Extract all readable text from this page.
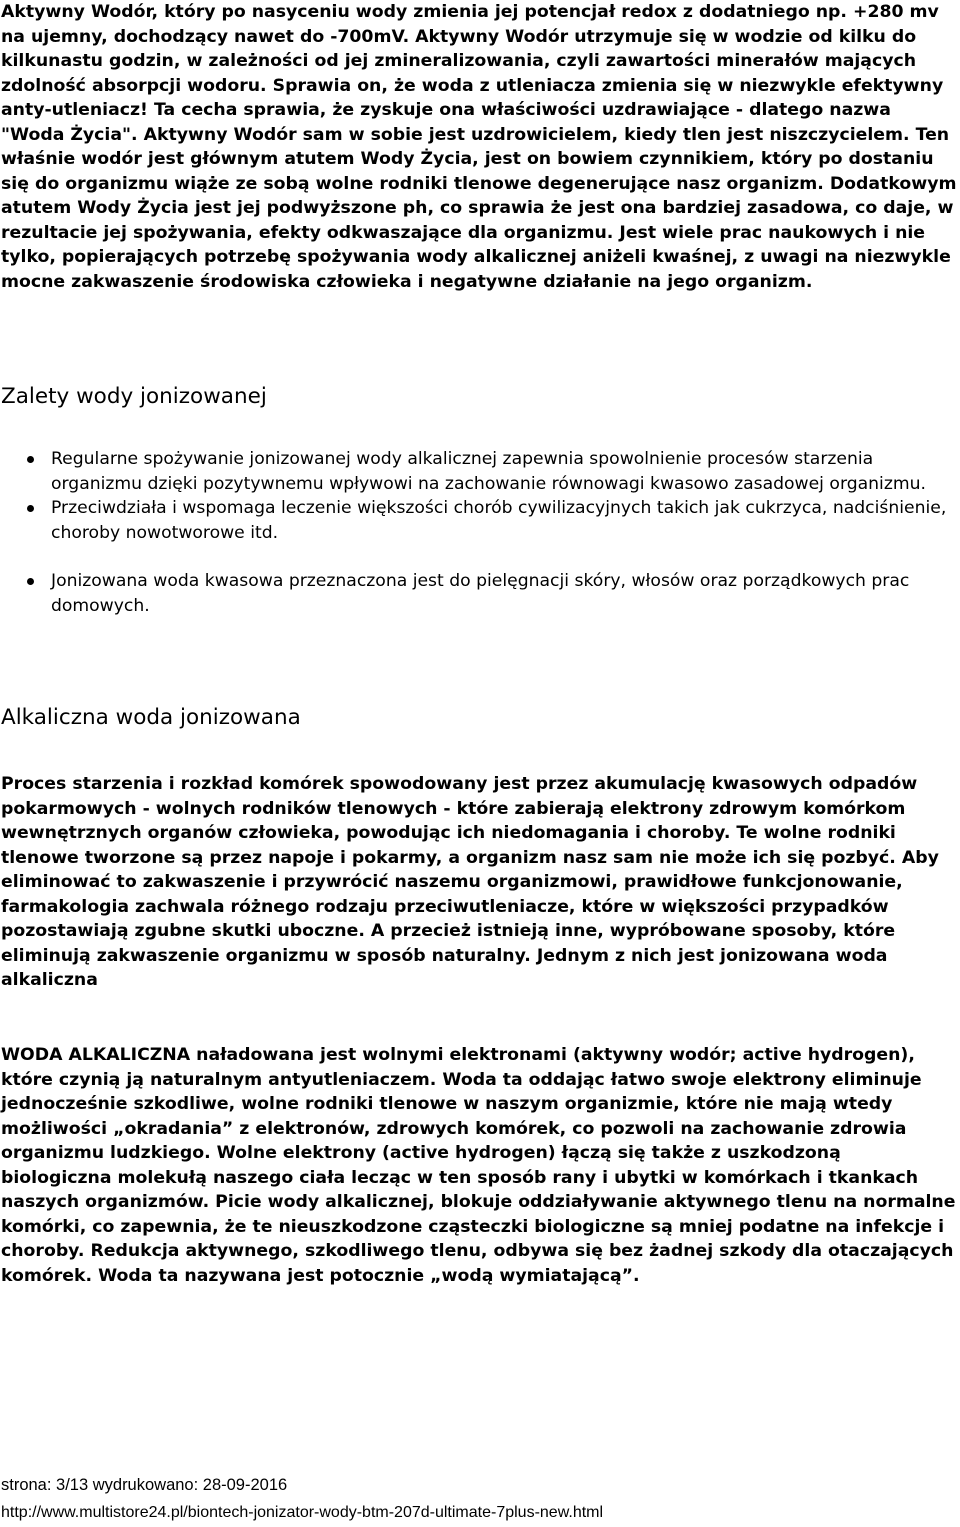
Aktywny Wodór, który po nasyceniu wody zmienia jej potencjał redox z dodatniego np. +280 mv na ujemny, dochodzący nawet do -700mV. Aktywny Wodór utrzymuje się w wodzie od kilku do kilkunastu godzin, w zależności od jej zmineralizowania, czyli zawartości minerałów mających zdolność absorpcji wodoru. Sprawia on, że woda z utleniacza zmienia się w niezwykle efektywny anty-utleniacz! Ta cecha sprawia, że zyskuje ona właściwości uzdrawiające - dlatego nazwa "Woda Życia". Aktywny Wodór sam w sobie jest uzdrowicielem, kiedy tlen jest niszczycielem. Ten właśnie wodór jest głównym atutem Wody Życia, jest on bowiem czynnikiem, który po dostaniu się do organizmu wiąże ze sobą wolne rodniki tlenowe degenerujące nasz organizm. Dodatkowym atutem Wody Życia jest jej podwyższone ph, co sprawia że jest ona bardziej zasadowa, co daje, w rezultacie jej spożywania, efekty odkwaszające dla organizmu. Jest wiele prac naukowych i nie tylko, popierających potrzebę spożywania wody alkalicznej aniżeli kwaśnej, z uwagi na niezwykle mocne zakwaszenie środowiska człowieka i negatywne działanie na jego organizm.

Zalety wody jonizowanej
Regularne spożywanie jonizowanej wody alkalicznej zapewnia spowolnienie procesów starzenia organizmu dzięki pozytywnemu wpływowi na zachowanie równowagi kwasowo zasadowej organizmu.
Przeciwdziała i wspomaga leczenie większości chorób cywilizacyjnych takich jak cukrzyca, nadciśnienie, choroby nowotworowe itd.
Jonizowana woda kwasowa przeznaczona jest do pielęgnacji skóry, włosów oraz porządkowych prac domowych.
Alkaliczna woda jonizowana

Proces starzenia i rozkład komórek spowodowany jest przez akumulację kwasowych odpadów pokarmowych - wolnych rodników tlenowych - które zabierają elektrony zdrowym komórkom wewnętrznych organów człowieka, powodując ich niedomagania i choroby. Te wolne rodniki tlenowe tworzone są przez napoje i pokarmy, a organizm nasz sam nie może ich się pozbyć. Aby eliminować to zakwaszenie i przywrócić naszemu organizmowi, prawidłowe funkcjonowanie, farmakologia zachwala różnego rodzaju przeciwutleniacze, które w większości przypadków pozostawiają zgubne skutki uboczne. A przecież istnieją inne, wypróbowane sposoby, które eliminują zakwaszenie organizmu w sposób naturalny. Jednym z nich jest jonizowana woda alkaliczna

WODA ALKALICZNA naładowana jest wolnymi elektronami (aktywny wodór; active hydrogen), które czynią ją naturalnym antyutleniaczem. Woda ta oddając łatwo swoje elektrony eliminuje jednocześnie szkodliwe, wolne rodniki tlenowe w naszym organizmie, które nie mają wtedy możliwości „okradania” z elektronów, zdrowych komórek, co pozwoli na zachowanie zdrowia organizmu ludzkiego. Wolne elektrony (active hydrogen) łączą się także z uszkodzoną biologiczna molekułą naszego ciała lecząc w ten sposób rany i ubytki w komórkach i tkankach naszych organizmów. Picie wody alkalicznej, blokuje oddziaływanie aktywnego tlenu na normalne komórki, co zapewnia, że te nieuszkodzone cząsteczki biologiczne są mniej podatne na infekcje i choroby. Redukcja aktywnego, szkodliwego tlenu, odbywa się bez żadnej szkody dla otaczających komórek. Woda ta nazywana jest potocznie „wodą wymiatającą”.

strona: 3/13 wydrukowano: 28-09-2016
http://www.multistore24.pl/biontech-jonizator-wody-btm-207d-ultimate-7plus-new.html
